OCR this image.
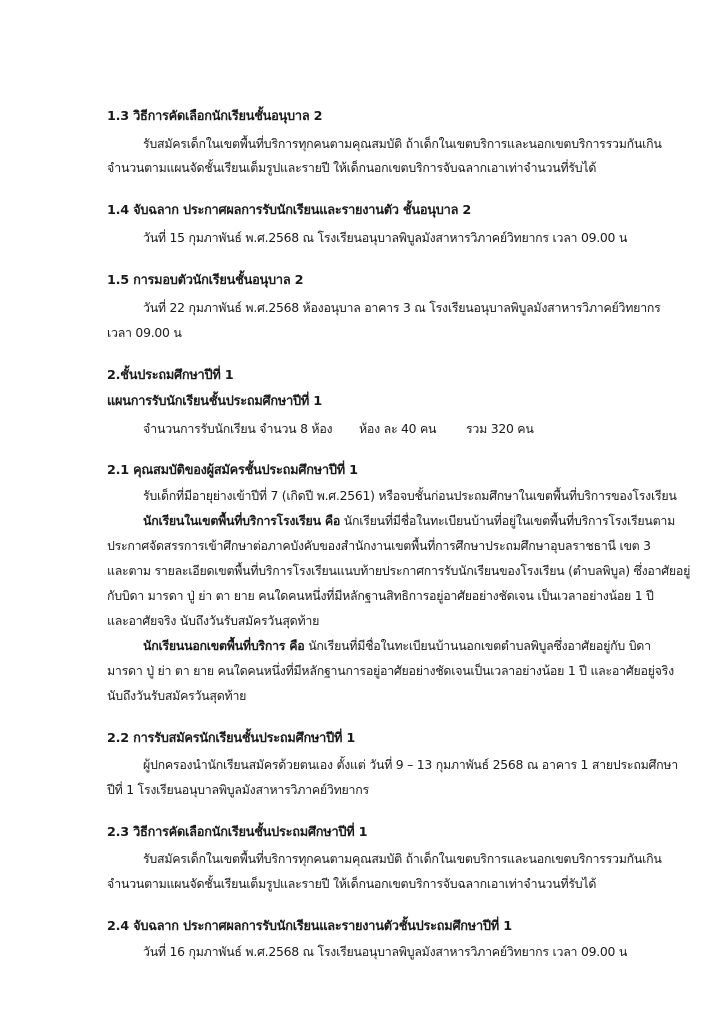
1.3 วิธีการคัดเลือกนักเรียนชั้นอนุบาล 2
รับสมัครเด็กในเขตพื้นที่บริการทุกคนตามคุณสมบัติ ถ้าเด็กในเขตบริการและนอกเขตบริการรวมกันเกิน
จำนวนตามแผนจัดชั้นเรียนเต็มรูปและรายปี ให้เด็กนอกเขตบริการจับฉลากเอาเท่าจำนวนที่รับได้
1.4 จับฉลาก ประกาศผลการรับนักเรียนและรายงานตัว ชั้นอนุบาล 2
วันที่ 15 กุมภาพันธ์ พ.ศ.2568 ณ โรงเรียนอนุบาลพิบูลมังสาหารวิภาคย์วิทยากร เวลา 09.00 น
1.5 การมอบตัวนักเรียนชั้นอนุบาล 2
วันที่ 22 กุมภาพันธ์ พ.ศ.2568 ห้องอนุบาล อาคาร 3 ณ โรงเรียนอนุบาลพิบูลมังสาหารวิภาคย์วิทยากร
เวลา 09.00 น
2.ชั้นประถมศึกษาปีที่ 1
แผนการรับนักเรียนชั้นประถมศึกษาปีที่ 1
จำนวนการรับนักเรียน จำนวน 8 ห้อง ห้อง ละ 40 คน รวม 320 คน
2.1 คุณสมบัติของผู้สมัครชั้นประถมศึกษาปีที่ 1
รับเด็กที่มีอายุย่างเข้าปีที่ 7 (เกิดปี พ.ศ.2561) หรือจบชั้นก่อนประถมศึกษาในเขตพื้นที่บริการของโรงเรียน
นักเรียนในเขตพื้นที่บริการโรงเรียน คือ นักเรียนที่มีชื่อในทะเบียนบ้านที่อยู่ในเขตพื้นที่บริการโรงเรียนตาม
ประกาศจัดสรรการเข้าศึกษาต่อภาคบังคับของสำนักงานเขตพื้นที่การศึกษาประถมศึกษาอุบลราชธานี เขต 3
และตาม รายละเอียดเขตพื้นที่บริการโรงเรียนแนบท้ายประกาศการรับนักเรียนของโรงเรียน (ตำบลพิบูล) ซึ่งอาศัยอยู่
กับบิดา มารดา ปู่ ย่า ตา ยาย คนใดคนหนึ่งที่มีหลักฐานสิทธิการอยู่อาศัยอย่างชัดเจน เป็นเวลาอย่างน้อย 1 ปี
และอาศัยจริง นับถึงวันรับสมัครวันสุดท้าย
นักเรียนนอกเขตพื้นที่บริการ คือ นักเรียนที่มีชื่อในทะเบียนบ้านนอกเขตตำบลพิบูลซึ่งอาศัยอยู่กับ บิดา
มารดา ปู่ ย่า ตา ยาย คนใดคนหนึ่งที่มีหลักฐานการอยู่อาศัยอย่างชัดเจนเป็นเวลาอย่างน้อย 1 ปี และอาศัยอยู่จริง
นับถึงวันรับสมัครวันสุดท้าย
2.2 การรับสมัครนักเรียนชั้นประถมศึกษาปีที่ 1
ผู้ปกครองนำนักเรียนสมัครด้วยตนเอง ตั้งแต่ วันที่ 9 – 13 กุมภาพันธ์ 2568 ณ อาคาร 1 สายประถมศึกษา
ปีที่ 1 โรงเรียนอนุบาลพิบูลมังสาหารวิภาคย์วิทยากร
2.3 วิธีการคัดเลือกนักเรียนชั้นประถมศึกษาปีที่ 1
รับสมัครเด็กในเขตพื้นที่บริการทุกคนตามคุณสมบัติ ถ้าเด็กในเขตบริการและนอกเขตบริการรวมกันเกิน
จำนวนตามแผนจัดชั้นเรียนเต็มรูปและรายปี ให้เด็กนอกเขตบริการจับฉลากเอาเท่าจำนวนที่รับได้
2.4 จับฉลาก ประกาศผลการรับนักเรียนและรายงานตัวชั้นประถมศึกษาปีที่ 1
วันที่ 16 กุมภาพันธ์ พ.ศ.2568 ณ โรงเรียนอนุบาลพิบูลมังสาหารวิภาคย์วิทยากร เวลา 09.00 น
